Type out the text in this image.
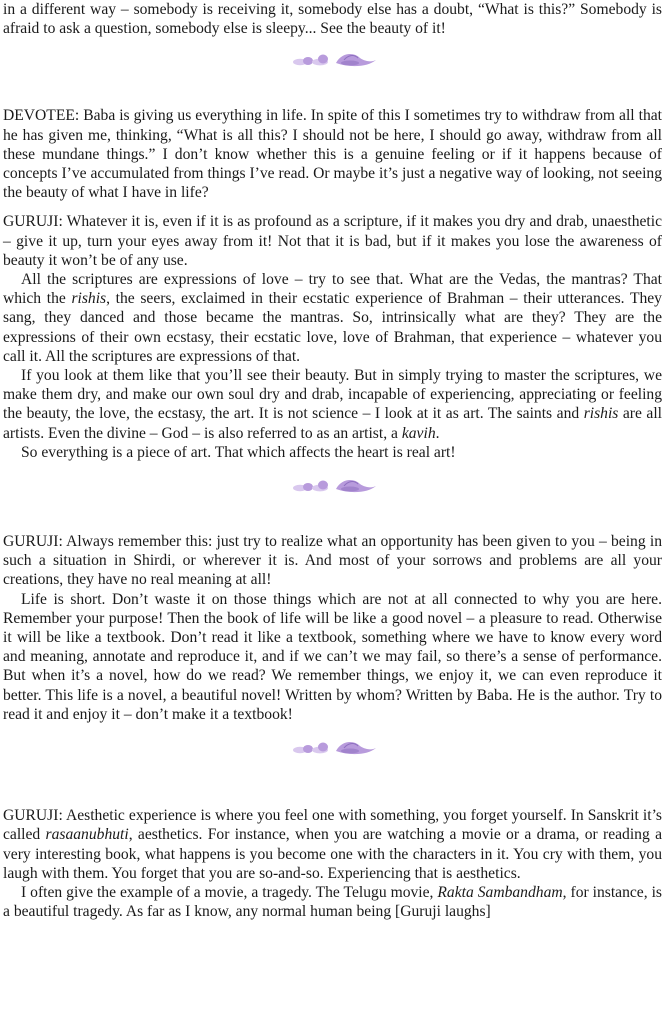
in a different way – somebody is receiving it, somebody else has a doubt, “What is this?” Somebody is afraid to ask a question, somebody else is sleepy... See the beauty of it!

DEVOTEE: Baba is giving us everything in life. In spite of this I sometimes try to withdraw from all that he has given me, thinking, “What is all this? I should not be here, I should go away, withdraw from all these mundane things.” I don’t know whether this is a genuine feeling or if it happens because of concepts I’ve accumulated from things I’ve read. Or maybe it’s just a negative way of looking, not seeing the beauty of what I have in life?

GURUJI: Whatever it is, even if it is as profound as a scripture, if it makes you dry and drab, unaesthetic – give it up, turn your eyes away from it! Not that it is bad, but if it makes you lose the awareness of beauty it won’t be of any use.

All the scriptures are expressions of love – try to see that. What are the Vedas, the mantras? That which the rishis, the seers, exclaimed in their ecstatic experience of Brahman – their utterances. They sang, they danced and those became the mantras. So, intrinsically what are they? They are the expressions of their own ecstasy, their ecstatic love, love of Brahman, that experience – whatever you call it. All the scriptures are expressions of that.

If you look at them like that you’ll see their beauty. But in simply trying to master the scriptures, we make them dry, and make our own soul dry and drab, incapable of experiencing, appreciating or feeling the beauty, the love, the ecstasy, the art. It is not science – I look at it as art. The saints and rishis are all artists. Even the divine – God – is also referred to as an artist, a kavih.

So everything is a piece of art. That which affects the heart is real art!

GURUJI: Always remember this: just try to realize what an opportunity has been given to you – being in such a situation in Shirdi, or wherever it is. And most of your sorrows and problems are all your creations, they have no real meaning at all!

Life is short. Don’t waste it on those things which are not at all connected to why you are here. Remember your purpose! Then the book of life will be like a good novel – a pleasure to read. Otherwise it will be like a textbook. Don’t read it like a textbook, something where we have to know every word and meaning, annotate and reproduce it, and if we can’t we may fail, so there’s a sense of performance. But when it’s a novel, how do we read? We remember things, we enjoy it, we can even reproduce it better. This life is a novel, a beautiful novel! Written by whom? Written by Baba. He is the author. Try to read it and enjoy it – don’t make it a textbook!

GURUJI: Aesthetic experience is where you feel one with something, you forget yourself. In Sanskrit it’s called rasaanubhuti, aesthetics. For instance, when you are watching a movie or a drama, or reading a very interesting book, what happens is you become one with the characters in it. You cry with them, you laugh with them. You forget that you are so-and-so. Experiencing that is aesthetics.

I often give the example of a movie, a tragedy. The Telugu movie, Rakta Sambandham, for instance, is a beautiful tragedy. As far as I know, any normal human being [Guruji laughs]
